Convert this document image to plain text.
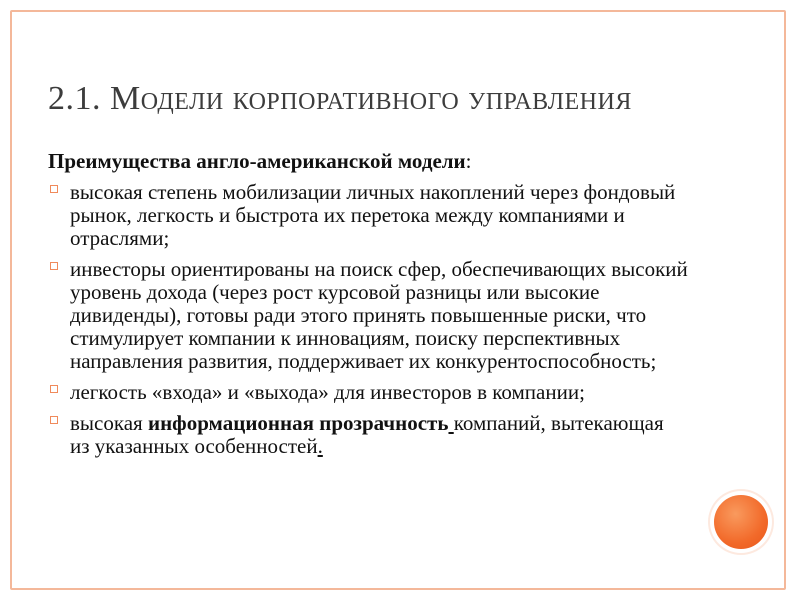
2.1. Модели корпоративного управления
Преимущества англо-американской модели:
высокая степень мобилизации личных накоплений через фондовый рынок, легкость и быстрота их перетока между компаниями и отраслями;
инвесторы ориентированы на поиск сфер, обеспечивающих высокий уровень дохода (через рост курсовой разницы или высокие дивиденды), готовы ради этого принять повышенные риски, что стимулирует компании к инновациям, поиску перспективных направления развития, поддерживает их конкурентоспособность;
легкость «входа» и «выхода» для инвесторов в компании;
высокая информационная прозрачность компаний, вытекающая из указанных особенностей.
